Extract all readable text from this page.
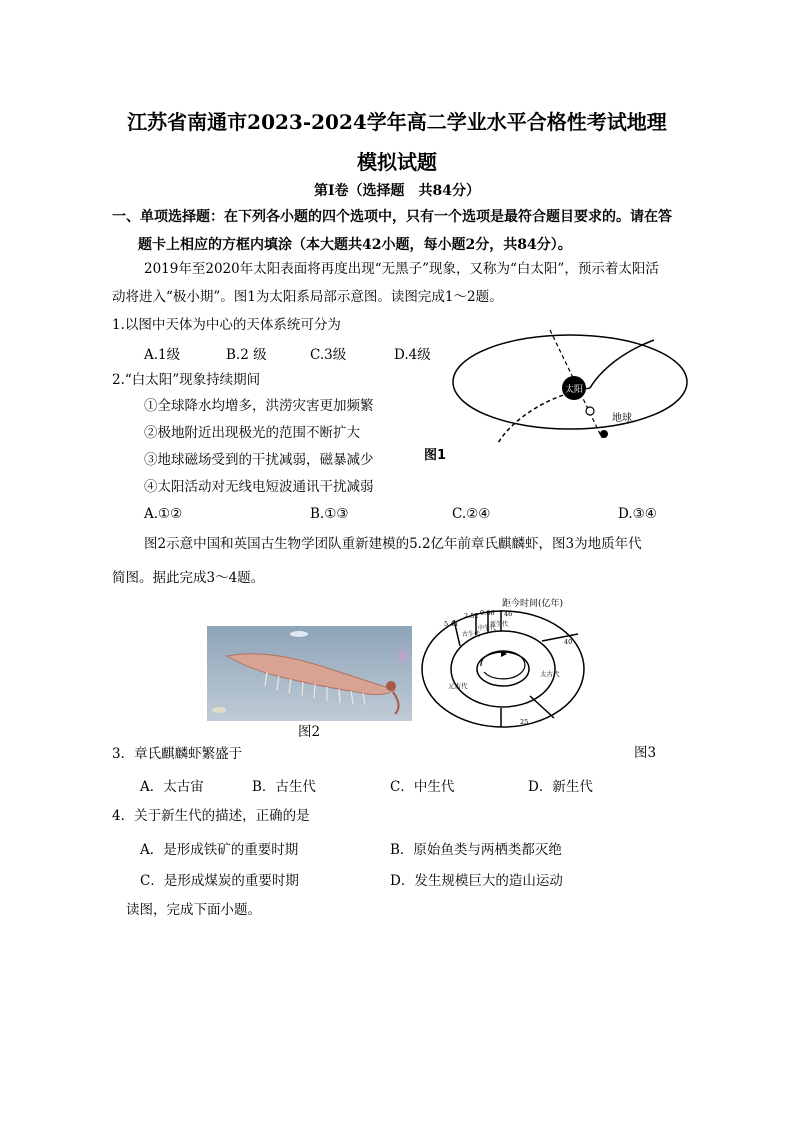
江苏省南通市2023-2024学年高二学业水平合格性考试地理
模拟试题
第Ⅰ卷（选择题　共84分）
一、单项选择题：在下列各小题的四个选项中，只有一个选项是最符合题目要求的。请在答
题卡上相应的方框内填涂（本大题共42小题，每小题2分，共84分）。
2019年至2020年太阳表面将再度出现“无黑子”现象，又称为“白太阳”，预示着太阳活
动将进入“极小期”。图1为太阳系局部示意图。读图完成1～2题。
1.以图中天体为中心的天体系统可分为
A.1级	B.2 级	C.3级	D.4级
2.“白太阳”现象持续期间
①全球降水均增多，洪涝灾害更加频繁
②极地附近出现极光的范围不断扩大
③地球磁场受到的干扰减弱，磁暴减少
④太阳活动对无线电短波通讯干扰减弱
A.①②	B.①③	C.②④	D.③④
太阳
地球
图1
图2示意中国和英国古生物学团队重新建模的5.2亿年前章氏麒麟虾，图3为地质年代
简图。据此完成3～4题。
图2
距今时间(亿年)
5.41
2.52 0.66 46
40
25
古生代
中生代
新生代
太古代
元古代
图3
3．章氏麒麟虾繁盛于
A．太古宙	B．古生代	C．中生代	D．新生代
4．关于新生代的描述，正确的是
A．是形成铁矿的重要时期	B．原始鱼类与两栖类都灭绝
C．是形成煤炭的重要时期	D．发生规模巨大的造山运动
读图，完成下面小题。
